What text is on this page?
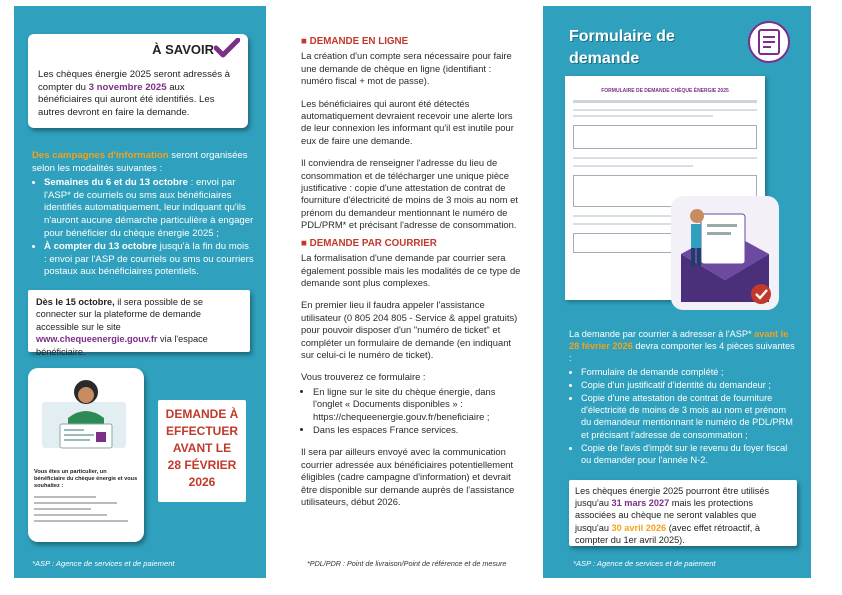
À SAVOIR
Les chèques énergie 2025 seront adressés à compter du 3 novembre 2025 aux bénéficiaires qui auront été identifiés. Les autres devront en faire la demande.
Des campagnes d'information seront organisées selon les modalités suivantes :
• Semaines du 6 et du 13 octobre : envoi par l'ASP* de courriels ou sms aux bénéficiaires identifiés automatiquement, leur indiquant qu'ils n'auront aucune démarche particulière à engager pour bénéficier du chèque énergie 2025 ;
• À compter du 13 octobre jusqu'à la fin du mois : envoi par l'ASP de courriels ou sms ou courriers postaux aux bénéficiaires potentiels.
Dès le 15 octobre, il sera possible de se connecter sur la plateforme de demande accessible sur le site www.chequeenergie.gouv.fr via l'espace bénéficiaire.
Vous êtes un particulier, un bénéficiaire du chèque énergie et vous souhaitez :
DEMANDE À
EFFECTUER
AVANT LE
28 FÉVRIER
2026
*ASP : Agence de services et de paiement
■ DEMANDE EN LIGNE
La création d'un compte sera nécessaire pour faire une demande de chèque en ligne (identifiant : numéro fiscal + mot de passe).
Les bénéficiaires qui auront été détectés automatiquement devraient recevoir une alerte lors de leur connexion les informant qu'il est inutile pour eux de faire une demande.
Il conviendra de renseigner l'adresse du lieu de consommation et de télécharger une unique pièce justificative : copie d'une attestation de contrat de fourniture d'électricité de moins de 3 mois au nom et prénom du demandeur mentionnant le numéro de PDL/PRM* et précisant l'adresse de consommation.
■ DEMANDE PAR COURRIER
La formalisation d'une demande par courrier sera également possible mais les modalités de ce type de demande sont plus complexes.
En premier lieu il faudra appeler l'assistance utilisateur (0 805 204 805 - Service & appel gratuits) pour pouvoir disposer d'un "numéro de ticket" et compléter un formulaire de demande (en indiquant sur celui-ci le numéro de ticket).
Vous trouverez ce formulaire :
• En ligne sur le site du chèque énergie, dans l'onglet « Documents disponibles » : https://chequeenergie.gouv.fr/beneficiaire ;
• Dans les espaces France services.
Il sera par ailleurs envoyé avec la communication courrier adressée aux bénéficiaires potentiellement éligibles (cadre campagne d'information) et devrait être disponible sur demande auprès de l'assistance utilisateurs, début 2026.
*PDL/PDR : Point de livraison/Point de référence et de mesure
Formulaire de
demande
FORMULAIRE DE DEMANDE CHÈQUE ÉNERGIE 2025
La demande par courrier à adresser à l'ASP* avant le 28 février 2026 devra comporter les 4 pièces suivantes :
• Formulaire de demande complété ;
• Copie d'un justificatif d'identité du demandeur ;
• Copie d'une attestation de contrat de fourniture d'électricité de moins de 3 mois au nom et prénom du demandeur mentionnant le numéro de PDL/PRM et précisant l'adresse de consommation ;
• Copie de l'avis d'impôt sur le revenu du foyer fiscal ou demander pour l'année N-2.
Les chèques énergie 2025 pourront être utilisés jusqu'au 31 mars 2027 mais les protections associées au chèque ne seront valables que jusqu'au 30 avril 2026 (avec effet rétroactif, à compter du 1er avril 2025).
*ASP : Agence de services et de paiement
